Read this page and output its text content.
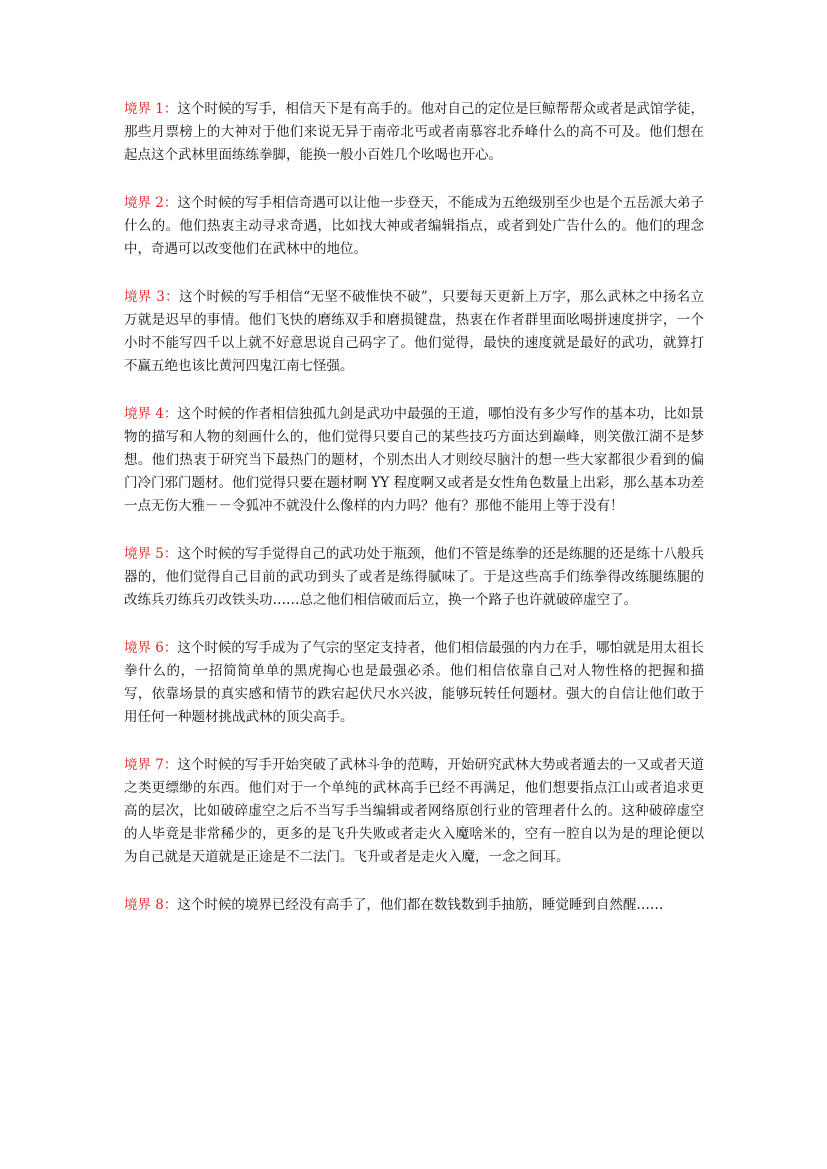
境界 1：这个时候的写手，相信天下是有高手的。他对自己的定位是巨鲸帮帮众或者是武馆学徒，那些月票榜上的大神对于他们来说无异于南帝北丐或者南慕容北乔峰什么的高不可及。他们想在起点这个武林里面练练拳脚，能换一般小百姓几个吆喝也开心。

境界 2：这个时候的写手相信奇遇可以让他一步登天，不能成为五绝级别至少也是个五岳派大弟子什么的。他们热衷主动寻求奇遇，比如找大神或者编辑指点，或者到处广告什么的。他们的理念中，奇遇可以改变他们在武林中的地位。

境界 3：这个时候的写手相信“无坚不破惟快不破”，只要每天更新上万字，那么武林之中扬名立万就是迟早的事情。他们飞快的磨练双手和磨损键盘，热衷在作者群里面吆喝拼速度拼字，一个小时不能写四千以上就不好意思说自己码字了。他们觉得，最快的速度就是最好的武功，就算打不赢五绝也该比黄河四鬼江南七怪强。

境界 4：这个时候的作者相信独孤九剑是武功中最强的王道，哪怕没有多少写作的基本功，比如景物的描写和人物的刻画什么的，他们觉得只要自己的某些技巧方面达到巅峰，则笑傲江湖不是梦想。他们热衷于研究当下最热门的题材，个别杰出人才则绞尽脑汁的想一些大家都很少看到的偏门冷门邪门题材。他们觉得只要在题材啊 YY 程度啊又或者是女性角色数量上出彩，那么基本功差一点无伤大雅－－令狐冲不就没什么像样的内力吗？他有？那他不能用上等于没有！

境界 5：这个时候的写手觉得自己的武功处于瓶颈，他们不管是练拳的还是练腿的还是练十八般兵器的，他们觉得自己目前的武功到头了或者是练得腻味了。于是这些高手们练拳得改练腿练腿的改练兵刃练兵刃改铁头功……总之他们相信破而后立，换一个路子也许就破碎虚空了。

境界 6：这个时候的写手成为了气宗的坚定支持者，他们相信最强的内力在手，哪怕就是用太祖长拳什么的，一招简简单单的黑虎掏心也是最强必杀。他们相信依靠自己对人物性格的把握和描写，依靠场景的真实感和情节的跌宕起伏尺水兴波，能够玩转任何题材。强大的自信让他们敢于用任何一种题材挑战武林的顶尖高手。

境界 7：这个时候的写手开始突破了武林斗争的范畴，开始研究武林大势或者遁去的一又或者天道之类更缥缈的东西。他们对于一个单纯的武林高手已经不再满足，他们想要指点江山或者追求更高的层次，比如破碎虚空之后不当写手当编辑或者网络原创行业的管理者什么的。这种破碎虚空的人毕竟是非常稀少的，更多的是飞升失败或者走火入魔啥米的，空有一腔自以为是的理论便以为自己就是天道就是正途是不二法门。飞升或者是走火入魔，一念之间耳。

境界 8：这个时候的境界已经没有高手了，他们都在数钱数到手抽筋，睡觉睡到自然醒……
